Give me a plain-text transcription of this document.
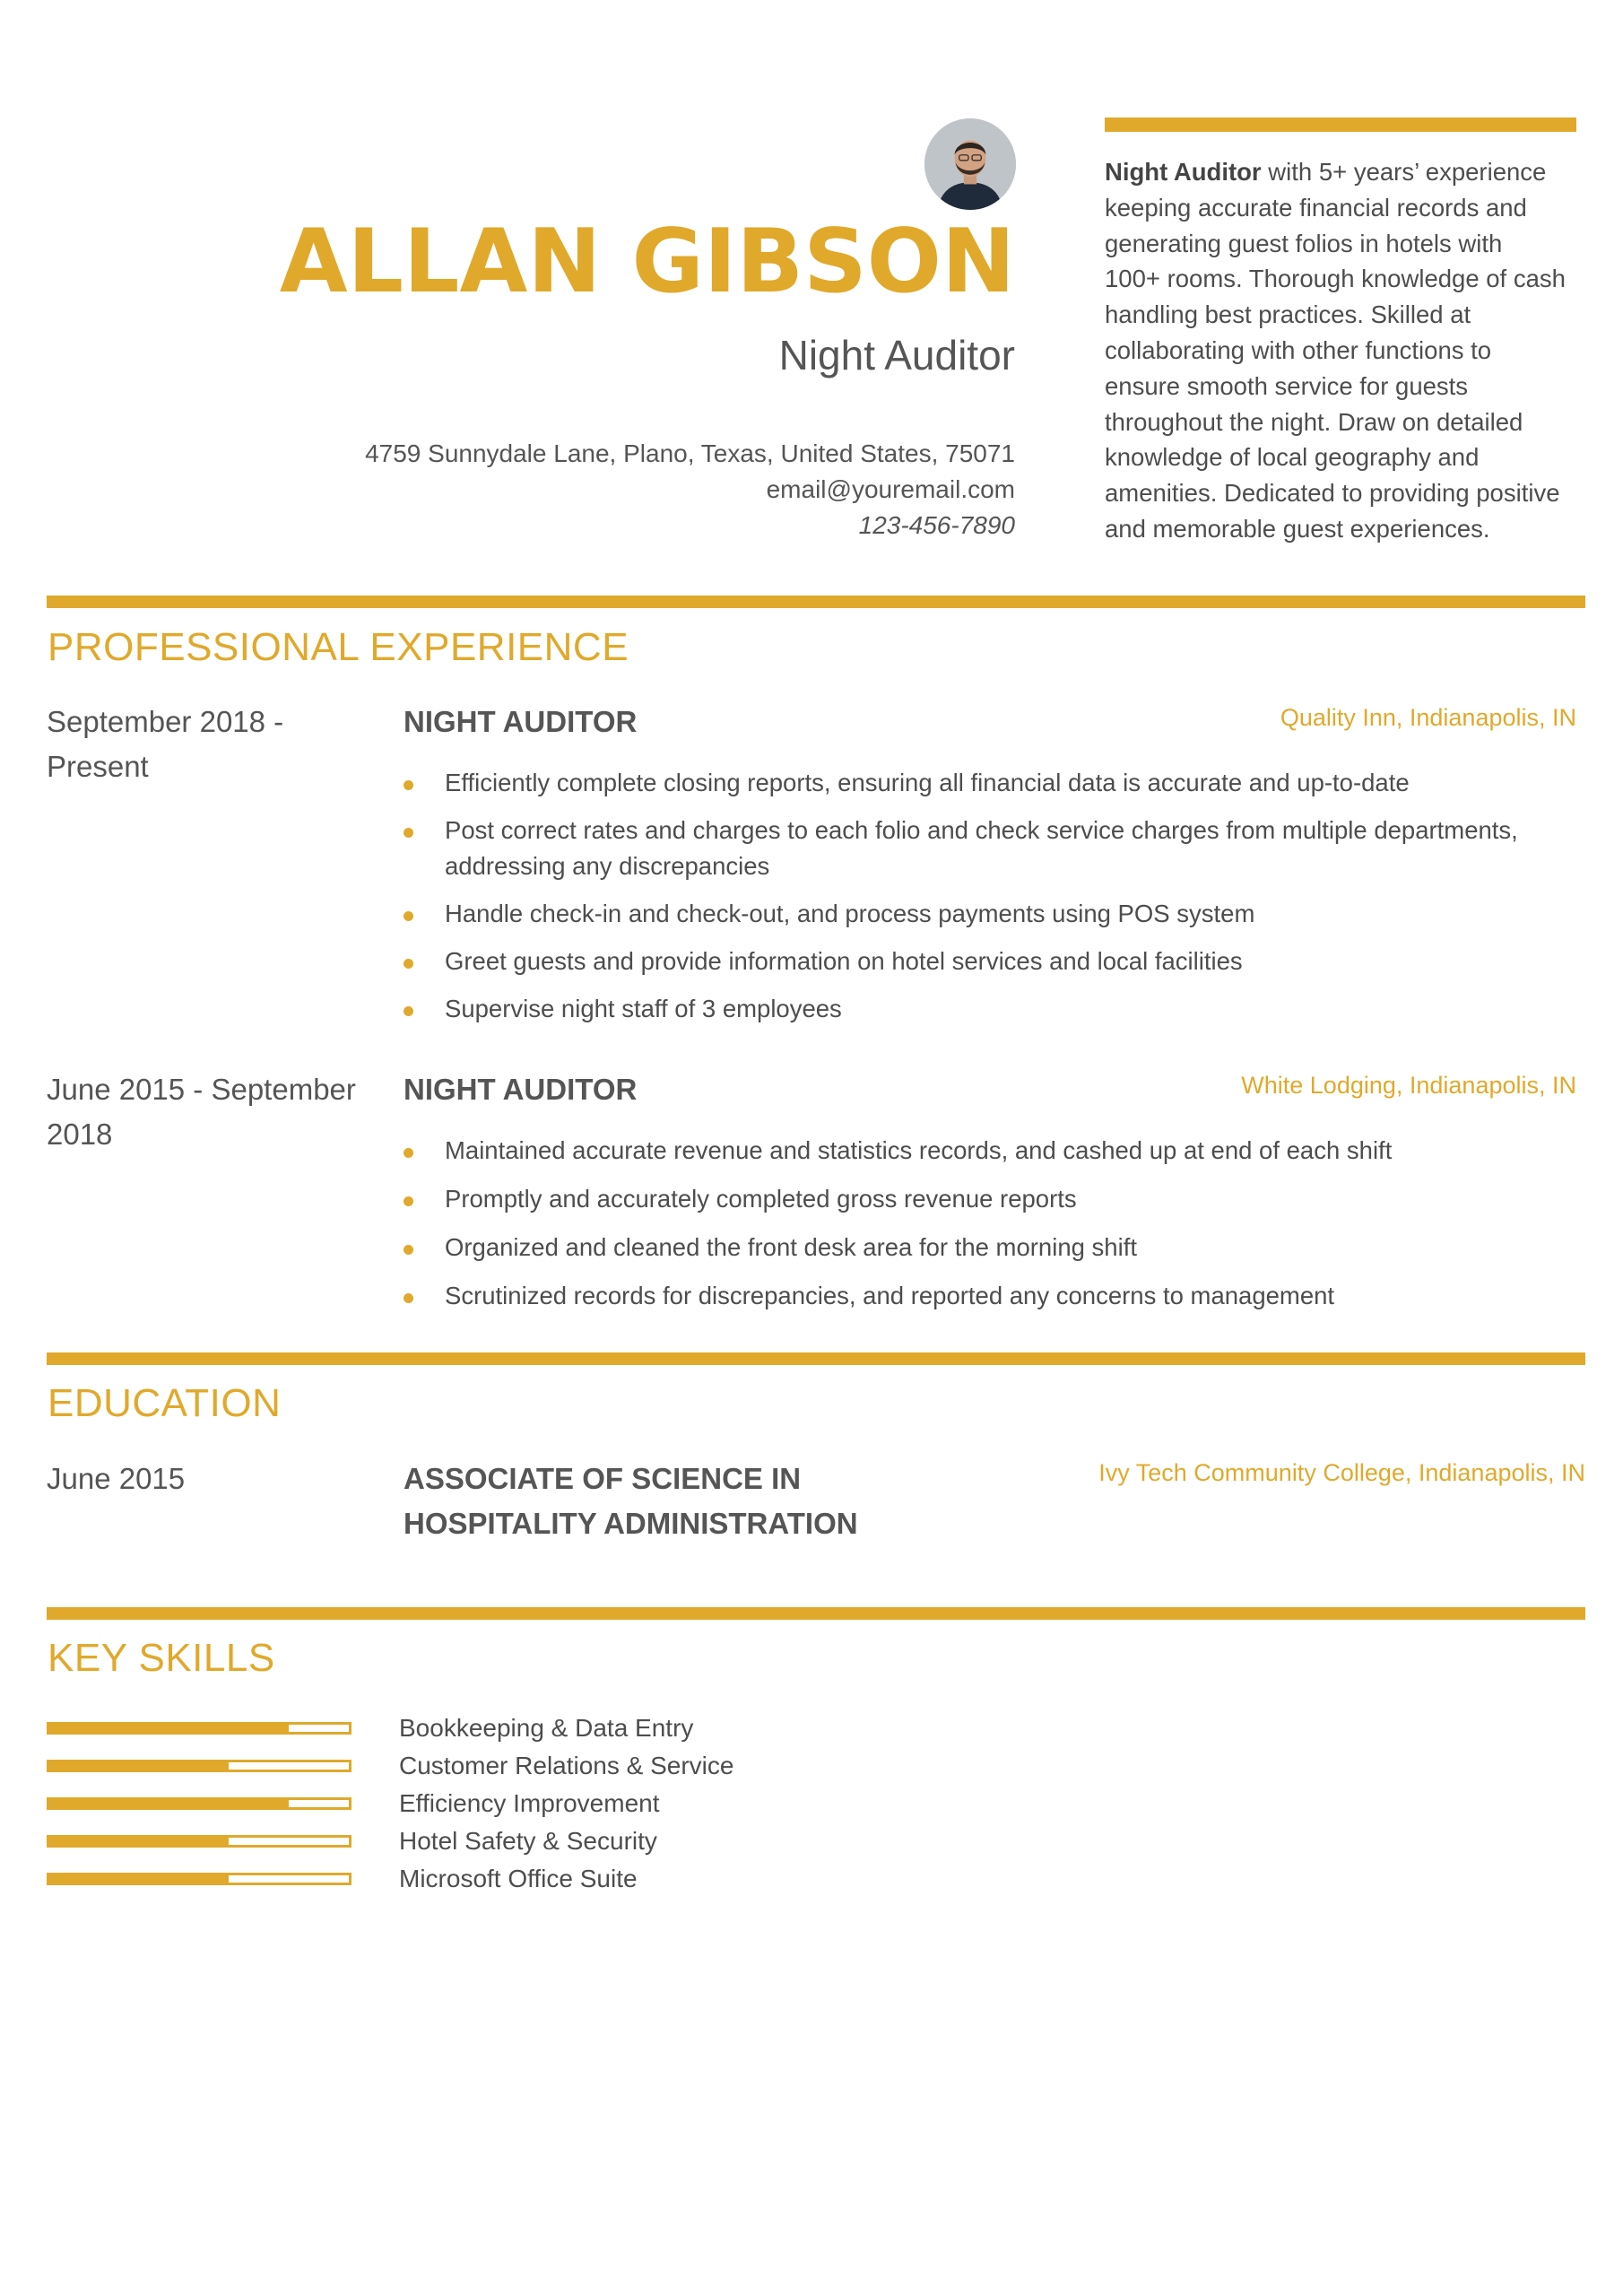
ALLAN GIBSON
Night Auditor
4759 Sunnydale Lane, Plano, Texas, United States, 75071
email@youremail.com
123-456-7890
Night Auditor with 5+ years’ experience
keeping accurate financial records and
generating guest folios in hotels with
100+ rooms. Thorough knowledge of cash
handling best practices. Skilled at
collaborating with other functions to
ensure smooth service for guests
throughout the night. Draw on detailed
knowledge of local geography and
amenities. Dedicated to providing positive
and memorable guest experiences.
PROFESSIONAL EXPERIENCE
September 2018 -
Present
NIGHT AUDITOR	Quality Inn, Indianapolis, IN
Efficiently complete closing reports, ensuring all financial data is accurate and up-to-date
Post correct rates and charges to each folio and check service charges from multiple departments,
addressing any discrepancies
Handle check-in and check-out, and process payments using POS system
Greet guests and provide information on hotel services and local facilities
Supervise night staff of 3 employees
June 2015 - September
2018
NIGHT AUDITOR	White Lodging, Indianapolis, IN
Maintained accurate revenue and statistics records, and cashed up at end of each shift
Promptly and accurately completed gross revenue reports
Organized and cleaned the front desk area for the morning shift
Scrutinized records for discrepancies, and reported any concerns to management
EDUCATION
June 2015	ASSOCIATE OF SCIENCE IN
HOSPITALITY ADMINISTRATION
Ivy Tech Community College, Indianapolis, IN
KEY SKILLS
Bookkeeping & Data Entry
Customer Relations & Service
Efficiency Improvement
Hotel Safety & Security
Microsoft Office Suite
